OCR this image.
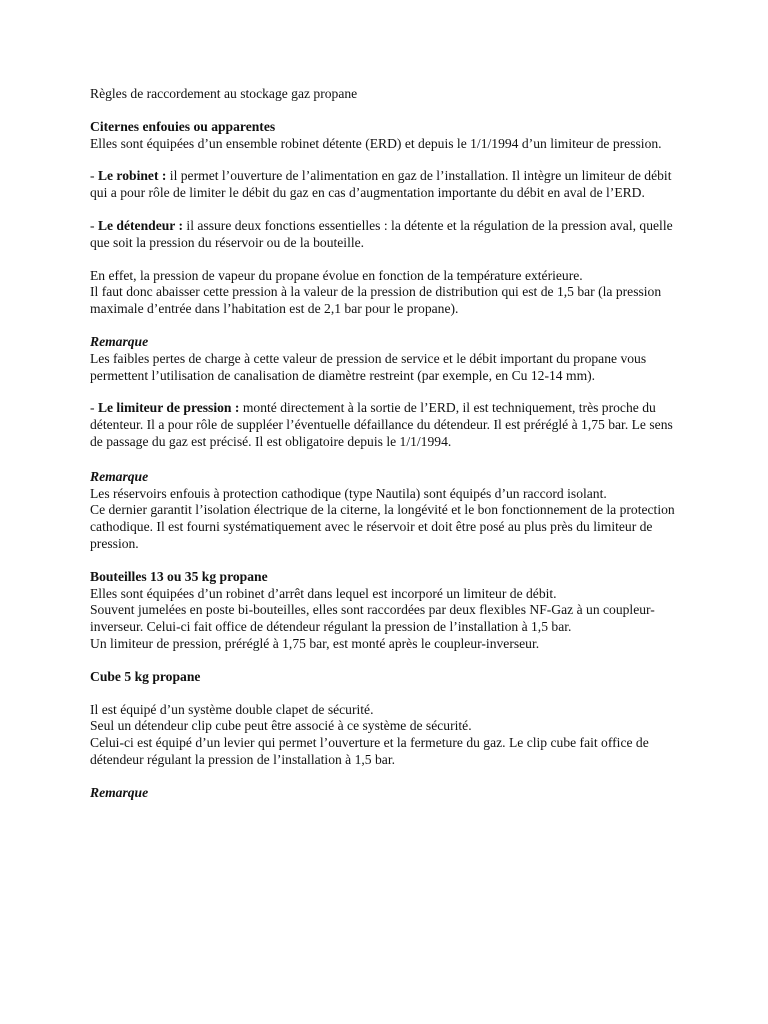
Règles de raccordement au stockage gaz propane

Citernes enfouies ou apparentes
Elles sont équipées d’un ensemble robinet détente (ERD) et depuis le 1/1/1994 d’un limiteur de pression.

- Le robinet : il permet l’ouverture de l’alimentation en gaz de l’installation. Il intègre un limiteur de débit qui a pour rôle de limiter le débit du gaz en cas d’augmentation importante du débit en aval de l’ERD.

- Le détendeur : il assure deux fonctions essentielles : la détente et la régulation de la pression aval, quelle que soit la pression du réservoir ou de la bouteille.

En effet, la pression de vapeur du propane évolue en fonction de la température extérieure.
Il faut donc abaisser cette pression à la valeur de la pression de distribution qui est de 1,5 bar (la pression maximale d’entrée dans l’habitation est de 2,1 bar pour le propane).
Remarque
Les faibles pertes de charge à cette valeur de pression de service et le débit important du propane vous permettent l’utilisation de canalisation de diamètre restreint (par exemple, en Cu 12-14 mm).

- Le limiteur de pression : monté directement à la sortie de l’ERD, il est techniquement, très proche du détenteur. Il a pour rôle de suppléer l’éventuelle défaillance du détendeur. Il est préréglé à 1,75 bar. Le sens de passage du gaz est précisé. Il est obligatoire depuis le 1/1/1994.

Remarque
Les réservoirs enfouis à protection cathodique (type Nautila) sont équipés d’un raccord isolant.
Ce dernier garantit l’isolation électrique de la citerne, la longévité et le bon fonctionnement de la protection cathodique. Il est fourni systématiquement avec le réservoir et doit être posé au plus près du limiteur de pression.
Bouteilles 13 ou 35 kg propane
Elles sont équipées d’un robinet d’arrêt dans lequel est incorporé un limiteur de débit.
Souvent jumelées en poste bi-bouteilles, elles sont raccordées par deux flexibles NF-Gaz à un coupleur-inverseur. Celui-ci fait office de détendeur régulant la pression de l’installation à 1,5 bar.
Un limiteur de pression, préréglé à 1,75 bar, est monté après le coupleur-inverseur.

Cube 5 kg propane

Il est équipé d’un système double clapet de sécurité.
Seul un détendeur clip cube peut être associé à ce système de sécurité.
Celui-ci est équipé d’un levier qui permet l’ouverture et la fermeture du gaz. Le clip cube fait office de détendeur régulant la pression de l’installation à 1,5 bar.

Remarque
